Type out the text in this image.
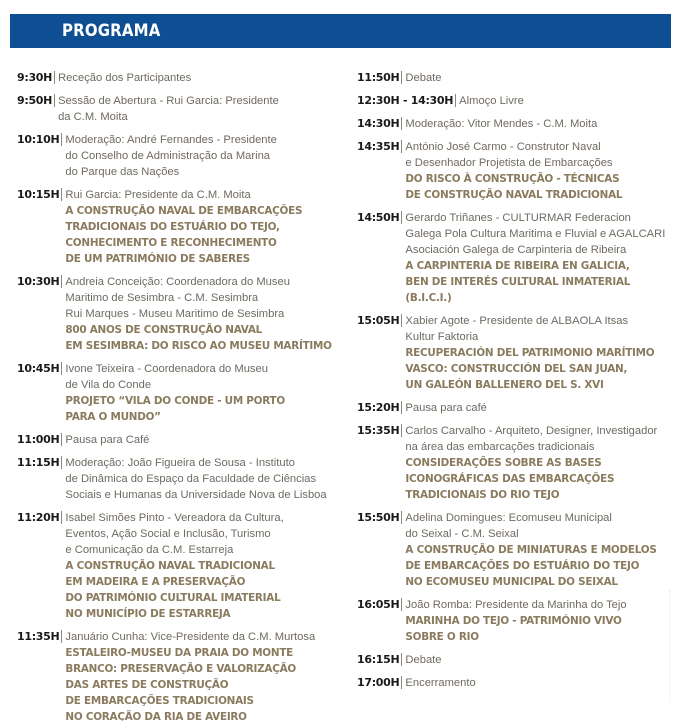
PROGRAMA
9:30H Receção dos Participantes
9:50H Sessão de Abertura - Rui Garcia: Presidente
da C.M. Moita
10:10H Moderação: André Fernandes - Presidente
do Conselho de Administração da Marina
do Parque das Nações
10:15H Rui Garcia: Presidente da C.M. Moita
A CONSTRUÇÃO NAVAL DE EMBARCAÇÕES
TRADICIONAIS DO ESTUÁRIO DO TEJO,
CONHECIMENTO E RECONHECIMENTO
DE UM PATRIMÓNIO DE SABERES
10:30H Andreia Conceição: Coordenadora do Museu
Maritimo de Sesimbra - C.M. Sesimbra
Rui Marques - Museu Maritimo de Sesimbra
800 ANOS DE CONSTRUÇÃO NAVAL
EM SESIMBRA: DO RISCO AO MUSEU MARÍTIMO
10:45H Ivone Teixeira - Coordenadora do Museu
de Vila do Conde
PROJETO “VILA DO CONDE - UM PORTO
PARA O MUNDO”
11:00H Pausa para Café
11:15H Moderação: João Figueira de Sousa - Instituto
de Dinâmica do Espaço da Faculdade de Ciências
Sociais e Humanas da Universidade Nova de Lisboa
11:20H Isabel Simões Pinto - Vereadora da Cultura,
Eventos, Ação Social e Inclusão, Turismo
e Comunicação da C.M. Estarreja
A CONSTRUÇÃO NAVAL TRADICIONAL
EM MADEIRA E A PRESERVAÇÃO
DO PATRIMÓNIO CULTURAL IMATERIAL
NO MUNICÍPIO DE ESTARREJA
11:35H Januário Cunha: Vice-Presidente da C.M. Murtosa
ESTALEIRO-MUSEU DA PRAIA DO MONTE
BRANCO: PRESERVAÇÃO E VALORIZAÇÃO
DAS ARTES DE CONSTRUÇÃO
DE EMBARCAÇÕES TRADICIONAIS
NO CORAÇÃO DA RIA DE AVEIRO
11:50H Debate
12:30H - 14:30H Almoço Livre
14:30H Moderação: Vitor Mendes - C.M. Moita
14:35H António José Carmo - Construtor Naval
e Desenhador Projetista de Embarcações
DO RISCO À CONSTRUÇÃO - TÉCNICAS
DE CONSTRUÇÃO NAVAL TRADICIONAL
14:50H Gerardo Triñanes - CULTURMAR Federacion
Galega Pola Cultura Maritima e Fluvial e AGALCARI
Asociación Galega de Carpinteria de Ribeira
A CARPINTERIA DE RIBEIRA EN GALICIA,
BEN DE INTERÉS CULTURAL INMATERIAL
(B.I.C.I.)
15:05H Xabier Agote - Presidente de ALBAOLA Itsas
Kultur Faktoria
RECUPERACIÓN DEL PATRIMONIO MARÍTIMO
VASCO: CONSTRUCCIÓN DEL SAN JUAN,
UN GALEÓN BALLENERO DEL S. XVI
15:20H Pausa para café
15:35H Carlos Carvalho - Arquiteto, Designer, Investigador
na área das embarcações tradicionais
CONSIDERAÇÕES SOBRE AS BASES
ICONOGRÁFICAS DAS EMBARCAÇÕES
TRADICIONAIS DO RIO TEJO
15:50H Adelina Domingues: Ecomuseu Municipal
do Seixal - C.M. Seixal
A CONSTRUÇÃO DE MINIATURAS E MODELOS
DE EMBARCAÇÕES DO ESTUÁRIO DO TEJO
NO ECOMUSEU MUNICIPAL DO SEIXAL
16:05H João Romba: Presidente da Marinha do Tejo
MARINHA DO TEJO - PATRIMÓNIO VIVO
SOBRE O RIO
16:15H Debate
17:00H Encerramento
